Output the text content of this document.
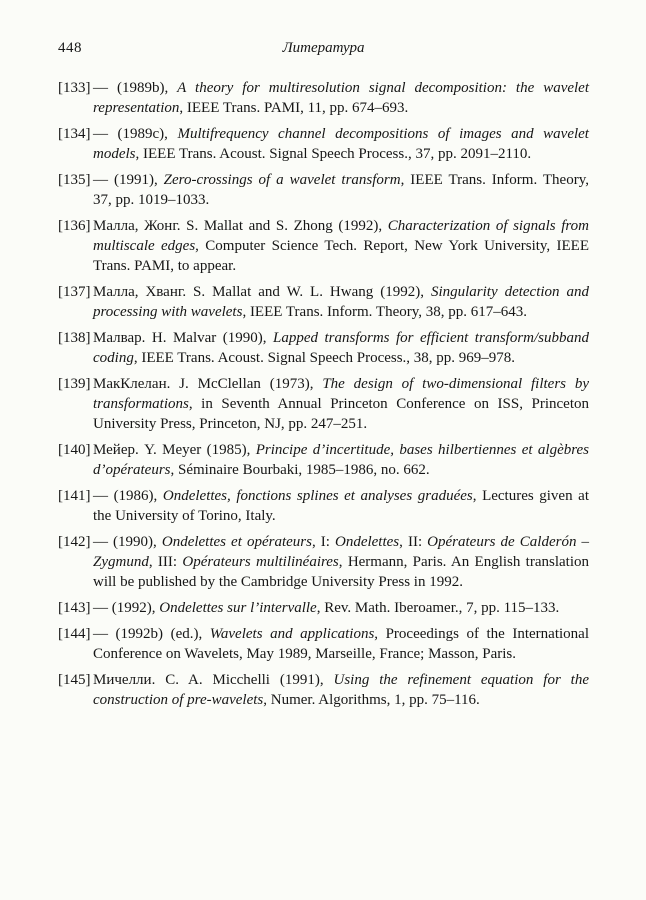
448	Литература
[133] — (1989b), A theory for multiresolution signal decomposition: the wavelet representation, IEEE Trans. PAMI, 11, pp. 674–693.
[134] — (1989c), Multifrequency channel decompositions of images and wavelet models, IEEE Trans. Acoust. Signal Speech Process., 37, pp. 2091–2110.
[135] — (1991), Zero-crossings of a wavelet transform, IEEE Trans. Inform. Theory, 37, pp. 1019–1033.
[136] Малла, Жонг. S. Mallat and S. Zhong (1992), Characterization of signals from multiscale edges, Computer Science Tech. Report, New York University, IEEE Trans. PAMI, to appear.
[137] Малла, Хванг. S. Mallat and W. L. Hwang (1992), Singularity detection and processing with wavelets, IEEE Trans. Inform. Theory, 38, pp. 617–643.
[138] Малвар. H. Malvar (1990), Lapped transforms for efficient transform/subband coding, IEEE Trans. Acoust. Signal Speech Process., 38, pp. 969–978.
[139] МакКлелан. J. McClellan (1973), The design of two-dimensional filters by transformations, in Seventh Annual Princeton Conference on ISS, Princeton University Press, Princeton, NJ, pp. 247–251.
[140] Мейер. Y. Meyer (1985), Principe d’incertitude, bases hilbertiennes et algèbres d’opérateurs, Séminaire Bourbaki, 1985–1986, no. 662.
[141] — (1986), Ondelettes, fonctions splines et analyses graduées, Lectures given at the University of Torino, Italy.
[142] — (1990), Ondelettes et opérateurs, I: Ondelettes, II: Opérateurs de Calderón – Zygmund, III: Opérateurs multilinéaires, Hermann, Paris. An English translation will be published by the Cambridge University Press in 1992.
[143] — (1992), Ondelettes sur l’intervalle, Rev. Math. Iberoamer., 7, pp. 115–133.
[144] — (1992b) (ed.), Wavelets and applications, Proceedings of the International Conference on Wavelets, May 1989, Marseille, France; Masson, Paris.
[145] Мичелли. C. A. Micchelli (1991), Using the refinement equation for the construction of pre-wavelets, Numer. Algorithms, 1, pp. 75–116.
